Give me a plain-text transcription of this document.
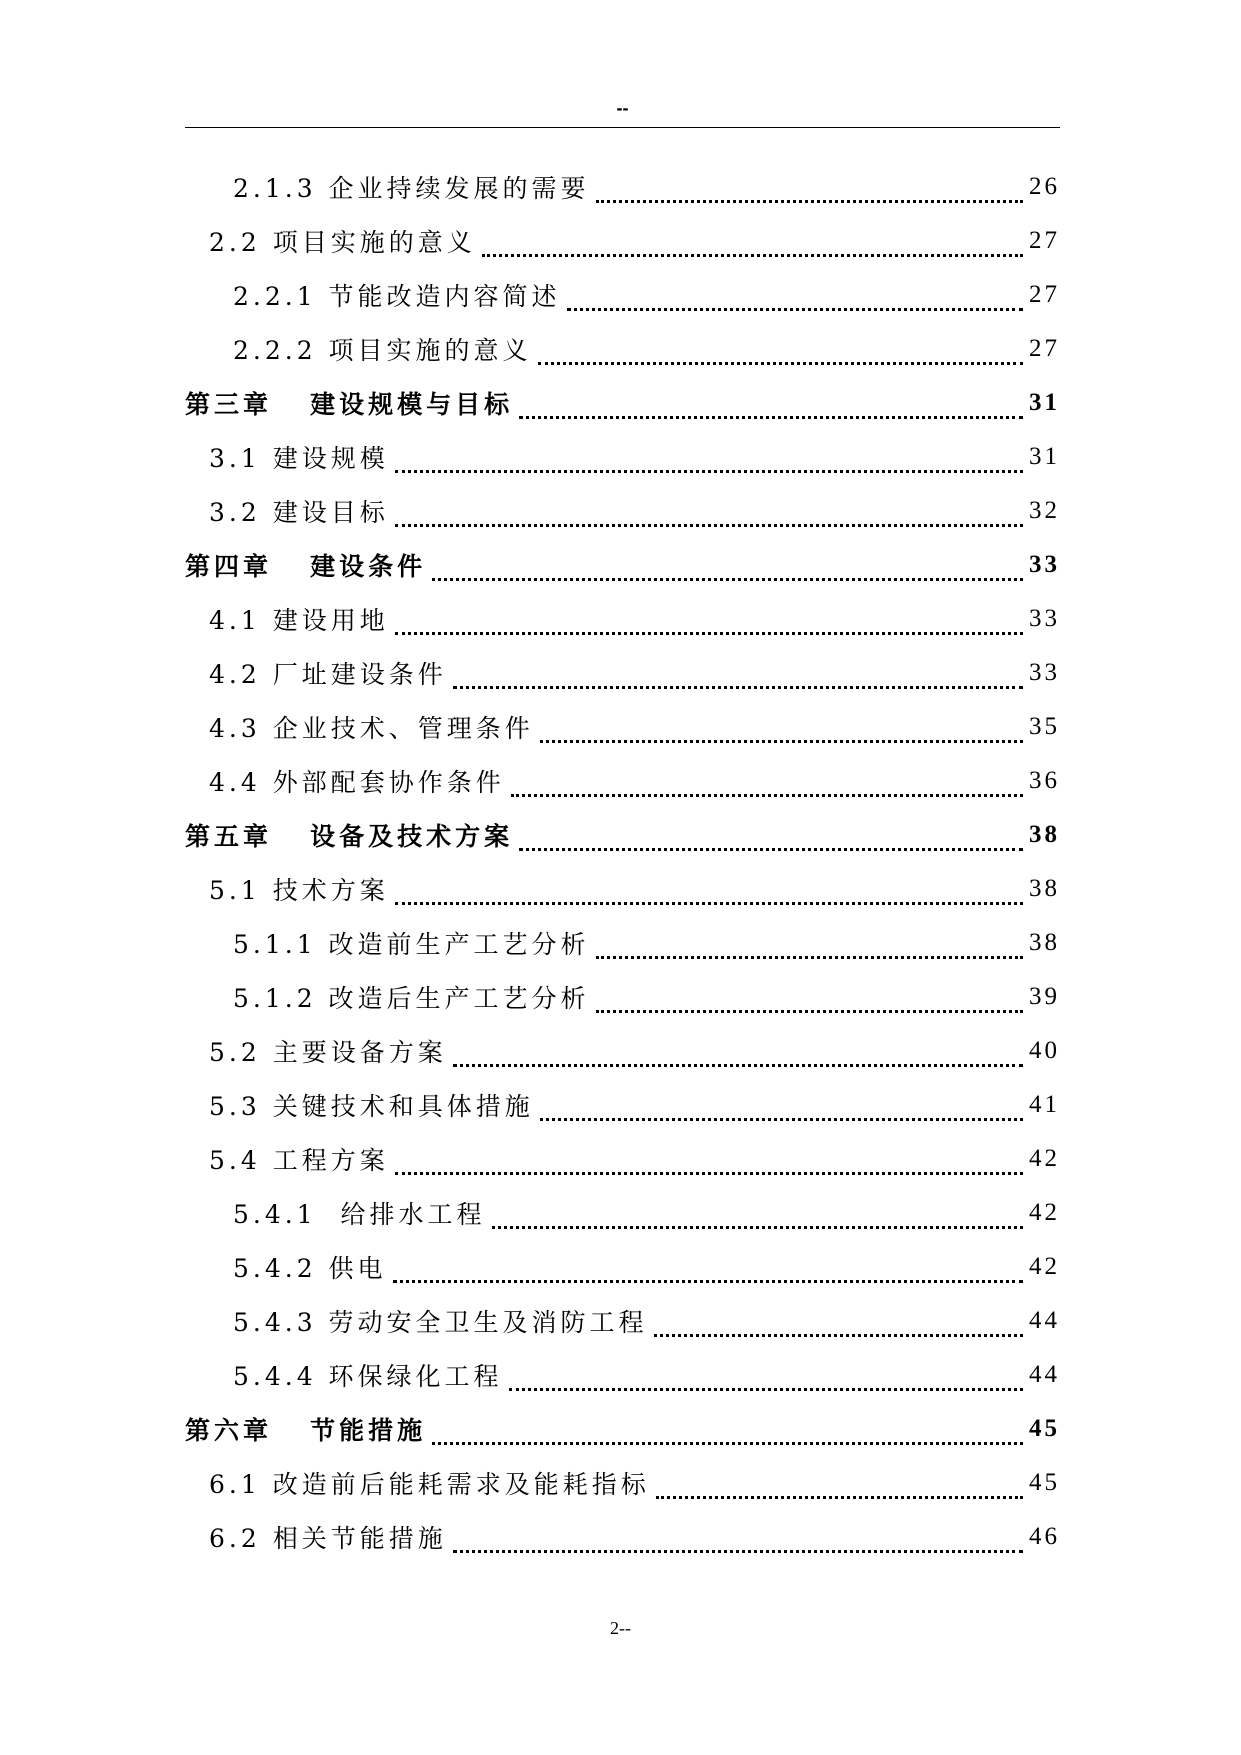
--
2.1.3 企业持续发展的需要	26
2.2 项目实施的意义	27
2.2.1 节能改造内容简述	27
2.2.2 项目实施的意义	27
第三章   建设规模与目标	31
3.1 建设规模	31
3.2 建设目标	32
第四章   建设条件	33
4.1 建设用地	33
4.2 厂址建设条件	33
4.3 企业技术、管理条件	35
4.4 外部配套协作条件	36
第五章   设备及技术方案	38
5.1 技术方案	38
5.1.1 改造前生产工艺分析	38
5.1.2 改造后生产工艺分析	39
5.2 主要设备方案	40
5.3 关键技术和具体措施	41
5.4 工程方案	42
5.4.1  给排水工程	42
5.4.2 供电	42
5.4.3 劳动安全卫生及消防工程	44
5.4.4 环保绿化工程	44
第六章   节能措施	45
6.1 改造前后能耗需求及能耗指标	45
6.2 相关节能措施	46
2--
